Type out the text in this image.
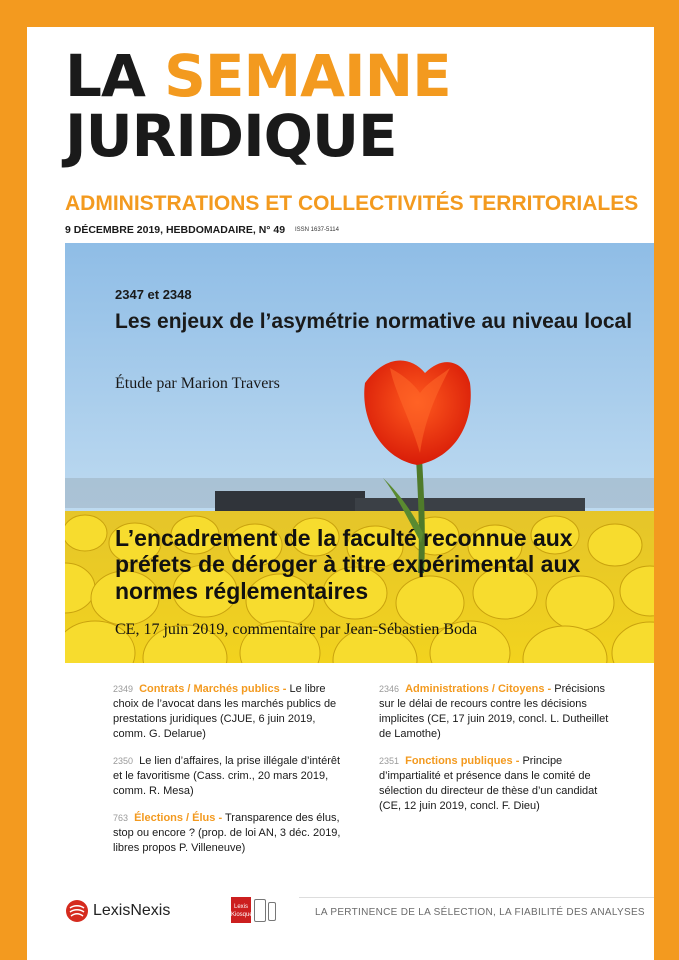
LA SEMAINE
JURIDIQUE
ADMINISTRATIONS ET COLLECTIVITÉS TERRITORIALES
9 DÉCEMBRE 2019, HEBDOMADAIRE, N° 49 ISSN 1637-5114
2347 et 2348
Les enjeux de l’asymétrie normative au niveau local
Étude par Marion Travers
L’encadrement de la faculté reconnue aux préfets de déroger à titre expérimental aux normes réglementaires
CE, 17 juin 2019, commentaire par Jean-Sébastien Boda
2349 Contrats / Marchés publics - Le libre choix de l’avocat dans les marchés publics de prestations juridiques (CJUE, 6 juin 2019, comm. G. Delarue)
2350 Le lien d’affaires, la prise illégale d’intérêt et le favoritisme (Cass. crim., 20 mars 2019, comm. R. Mesa)
763 Élections / Élus - Transparence des élus, stop ou encore ? (prop. de loi AN, 3 déc. 2019, libres propos P. Villeneuve)
2346 Administrations / Citoyens - Précisions sur le délai de recours contre les décisions implicites (CE, 17 juin 2019, concl. L. Dutheillet de Lamothe)
2351 Fonctions publiques - Principe d’impartialité et présence dans le comité de sélection du directeur de thèse d’un candidat (CE, 12 juin 2019, concl. F. Dieu)
LexisNexis	Lexis
Kiosque	LA PERTINENCE DE LA SÉLECTION, LA FIABILITÉ DES ANALYSES
